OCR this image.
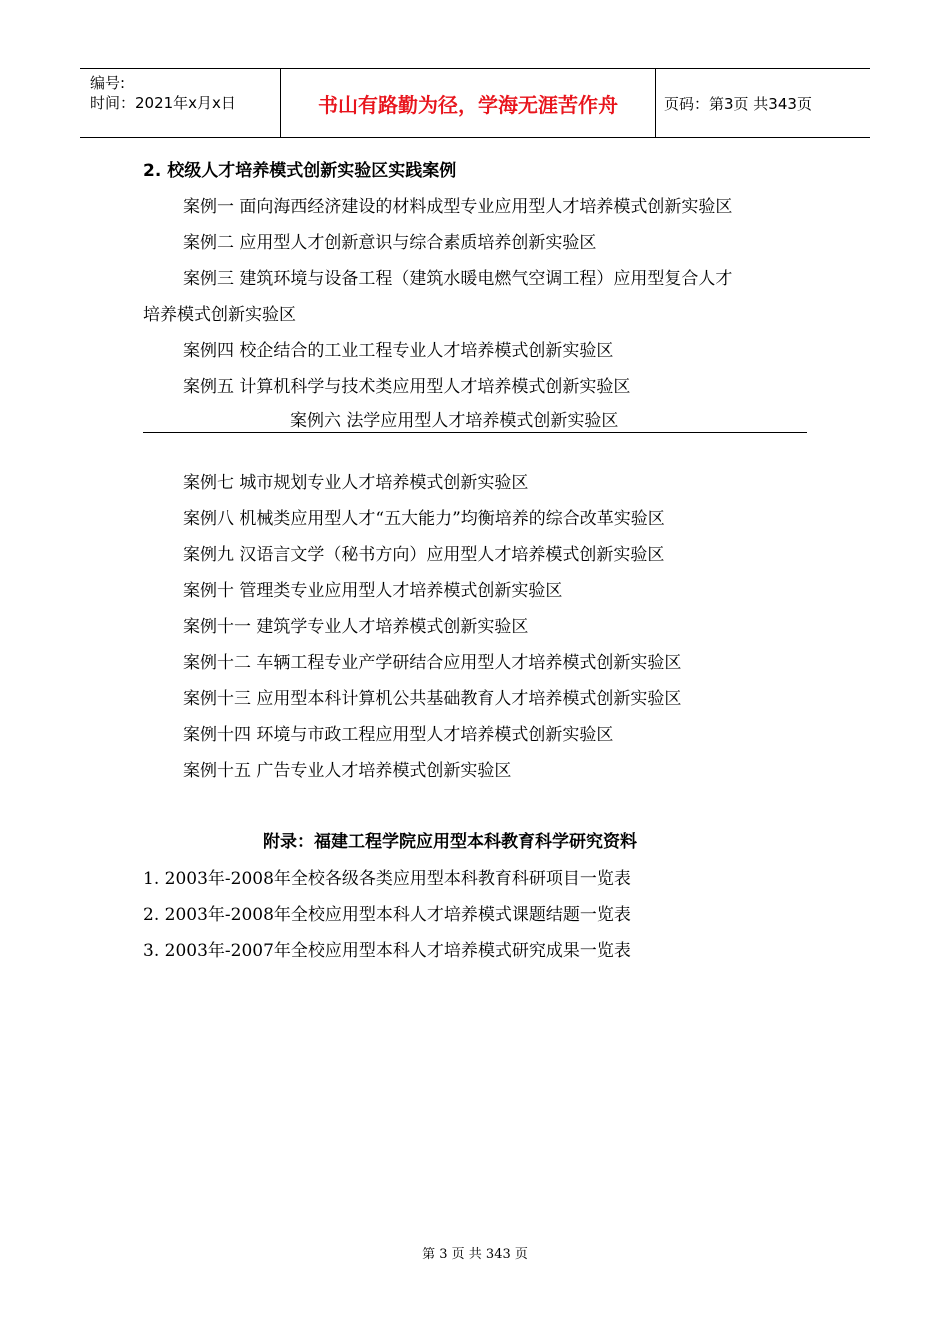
编号:
时间：2021年x月x日	书山有路勤为径，学海无涯苦作舟	页码：第3页 共343页
2. 校级人才培养模式创新实验区实践案例
案例一 面向海西经济建设的材料成型专业应用型人才培养模式创新实验区
案例二 应用型人才创新意识与综合素质培养创新实验区
案例三 建筑环境与设备工程（建筑水暖电燃气空调工程）应用型复合人才
培养模式创新实验区
案例四 校企结合的工业工程专业人才培养模式创新实验区
案例五 计算机科学与技术类应用型人才培养模式创新实验区
案例六 法学应用型人才培养模式创新实验区
案例七 城市规划专业人才培养模式创新实验区
案例八 机械类应用型人才“五大能力”均衡培养的综合改革实验区
案例九 汉语言文学（秘书方向）应用型人才培养模式创新实验区
案例十 管理类专业应用型人才培养模式创新实验区
案例十一 建筑学专业人才培养模式创新实验区
案例十二 车辆工程专业产学研结合应用型人才培养模式创新实验区
案例十三 应用型本科计算机公共基础教育人才培养模式创新实验区
案例十四 环境与市政工程应用型人才培养模式创新实验区
案例十五 广告专业人才培养模式创新实验区
附录：福建工程学院应用型本科教育科学研究资料
1. 2003年-2008年全校各级各类应用型本科教育科研项目一览表
2. 2003年-2008年全校应用型本科人才培养模式课题结题一览表
3. 2003年-2007年全校应用型本科人才培养模式研究成果一览表
第 3 页 共 343 页
